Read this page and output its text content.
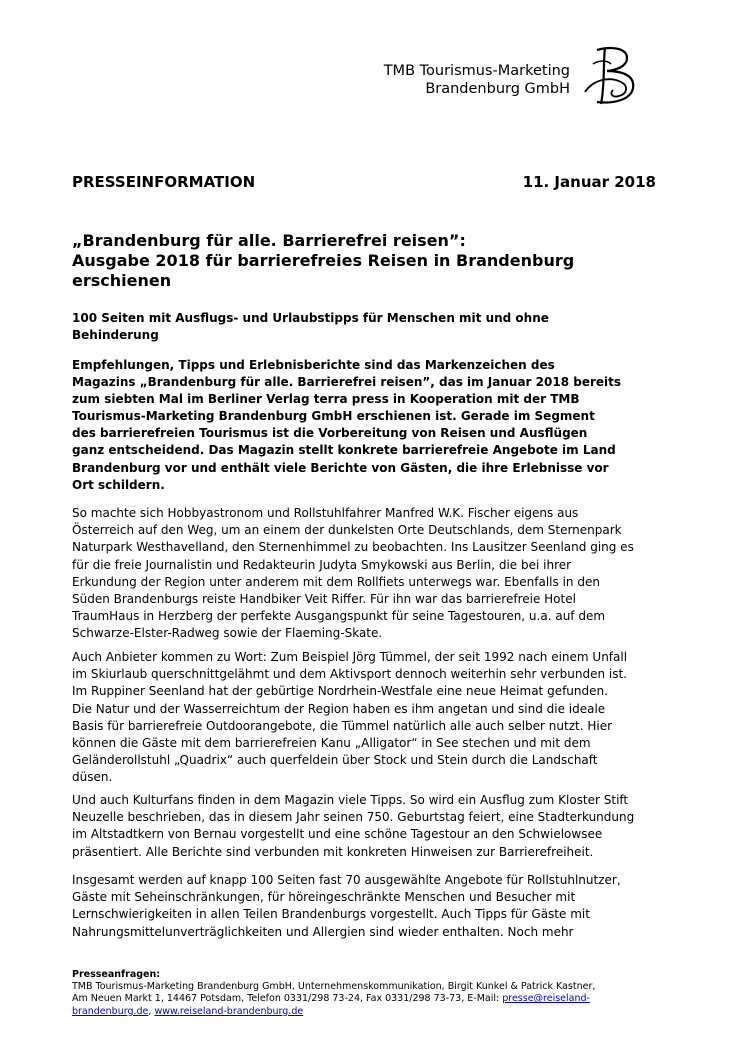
TMB Tourismus-Marketing
Brandenburg GmbH
PRESSEINFORMATION	11. Januar 2018
„Brandenburg für alle. Barrierefrei reisen”:
Ausgabe 2018 für barrierefreies Reisen in Brandenburg
erschienen
100 Seiten mit Ausflugs- und Urlaubstipps für Menschen mit und ohne
Behinderung
Empfehlungen, Tipps und Erlebnisberichte sind das Markenzeichen des
Magazins „Brandenburg für alle. Barrierefrei reisen”, das im Januar 2018 bereits
zum siebten Mal im Berliner Verlag terra press in Kooperation mit der TMB
Tourismus-Marketing Brandenburg GmbH erschienen ist. Gerade im Segment
des barrierefreien Tourismus ist die Vorbereitung von Reisen und Ausflügen
ganz entscheidend. Das Magazin stellt konkrete barrierefreie Angebote im Land
Brandenburg vor und enthält viele Berichte von Gästen, die ihre Erlebnisse vor
Ort schildern.
So machte sich Hobbyastronom und Rollstuhlfahrer Manfred W.K. Fischer eigens aus
Österreich auf den Weg, um an einem der dunkelsten Orte Deutschlands, dem Sternenpark
Naturpark Westhavelland, den Sternenhimmel zu beobachten. Ins Lausitzer Seenland ging es
für die freie Journalistin und Redakteurin Judyta Smykowski aus Berlin, die bei ihrer
Erkundung der Region unter anderem mit dem Rollfiets unterwegs war. Ebenfalls in den
Süden Brandenburgs reiste Handbiker Veit Riffer. Für ihn war das barrierefreie Hotel
TraumHaus in Herzberg der perfekte Ausgangspunkt für seine Tagestouren, u.a. auf dem
Schwarze-Elster-Radweg sowie der Flaeming-Skate.
Auch Anbieter kommen zu Wort: Zum Beispiel Jörg Tümmel, der seit 1992 nach einem Unfall
im Skiurlaub querschnittgelähmt und dem Aktivsport dennoch weiterhin sehr verbunden ist.
Im Ruppiner Seenland hat der gebürtige Nordrhein-Westfale eine neue Heimat gefunden.
Die Natur und der Wasserreichtum der Region haben es ihm angetan und sind die ideale
Basis für barrierefreie Outdoorangebote, die Tümmel natürlich alle auch selber nutzt. Hier
können die Gäste mit dem barrierefreien Kanu „Alligator“ in See stechen und mit dem
Geländerollstuhl „Quadrix“ auch querfeldein über Stock und Stein durch die Landschaft
düsen.
Und auch Kulturfans finden in dem Magazin viele Tipps. So wird ein Ausflug zum Kloster Stift
Neuzelle beschrieben, das in diesem Jahr seinen 750. Geburtstag feiert, eine Stadterkundung
im Altstadtkern von Bernau vorgestellt und eine schöne Tagestour an den Schwielowsee
präsentiert. Alle Berichte sind verbunden mit konkreten Hinweisen zur Barrierefreiheit.
Insgesamt werden auf knapp 100 Seiten fast 70 ausgewählte Angebote für Rollstuhlnutzer,
Gäste mit Seheinschränkungen, für höreingeschränkte Menschen und Besucher mit
Lernschwierigkeiten in allen Teilen Brandenburgs vorgestellt. Auch Tipps für Gäste mit
Nahrungsmittelunverträglichkeiten und Allergien sind wieder enthalten. Noch mehr
Presseanfragen:
TMB Tourismus-Marketing Brandenburg GmbH, Unternehmenskommunikation, Birgit Kunkel & Patrick Kastner,
Am Neuen Markt 1, 14467 Potsdam, Telefon 0331/298 73-24, Fax 0331/298 73-73, E-Mail: presse@reiseland-
brandenburg.de, www.reiseland-brandenburg.de
